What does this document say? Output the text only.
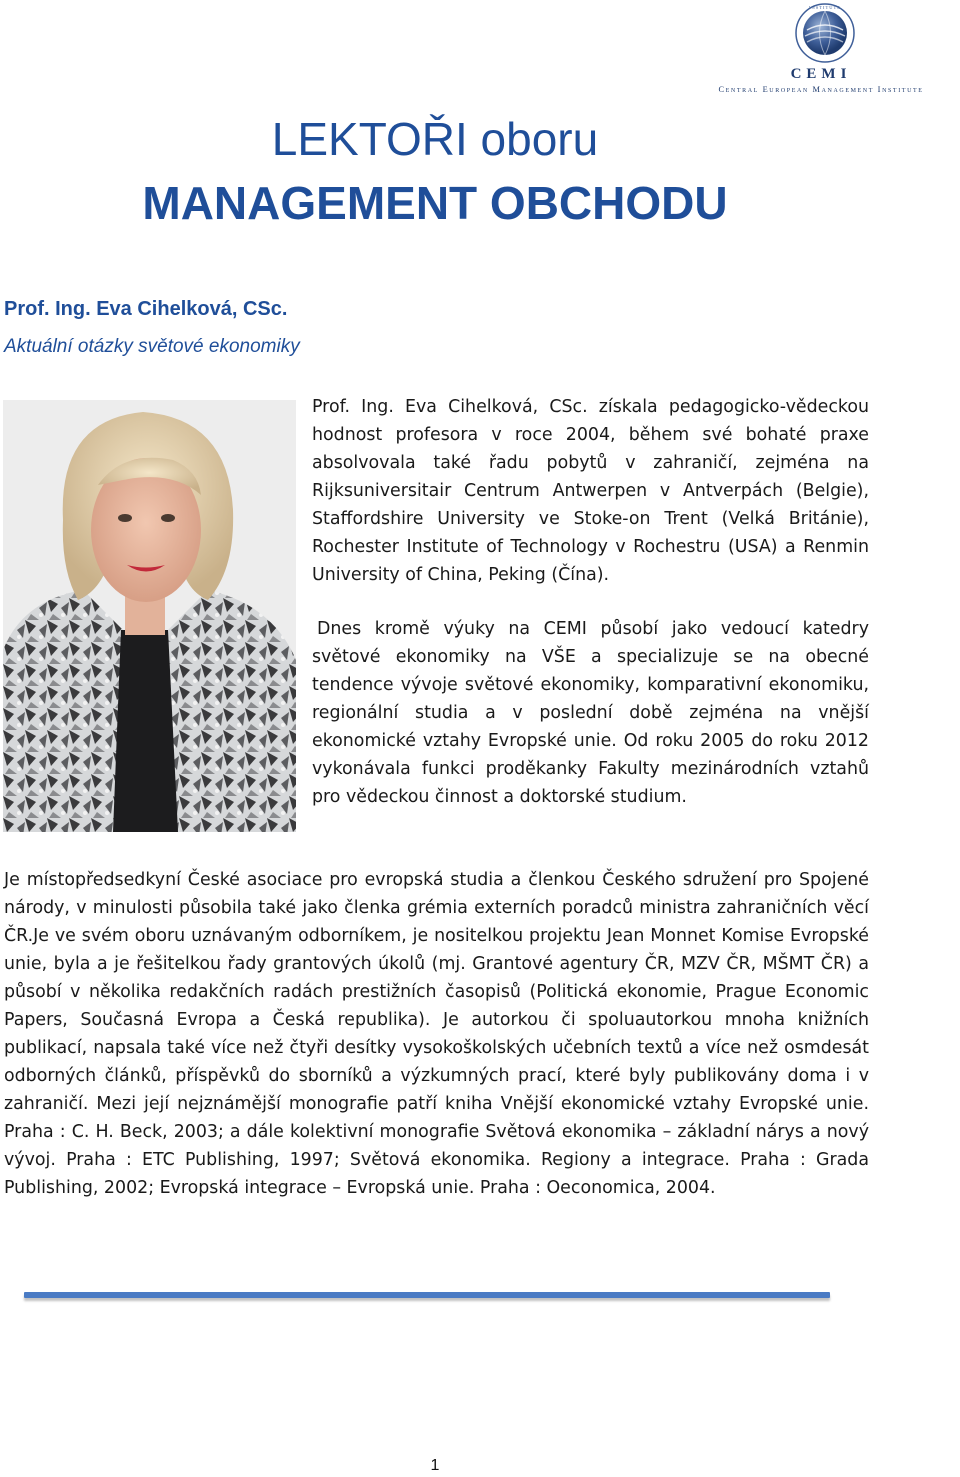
INSTITUTE
CEMI
Central European Management Institute
LEKTOŘI oboru
MANAGEMENT OBCHODU
Prof. Ing. Eva Cihelková, CSc.
Aktuální otázky světové ekonomiky

Prof. Ing. Eva Cihelková, CSc. získala pedagogicko-vědeckou hodnost profesora v roce 2004, během své bohaté praxe absolvovala také řadu pobytů v zahraničí, zejména na Rijksuniversitair Centrum Antwerpen v Antverpách (Belgie), Staffordshire University ve Stoke-on Trent (Velká Británie), Rochester Institute of Technology v Rochestru (USA) a Renmin University of China, Peking (Čína).

Dnes kromě výuky na CEMI působí jako vedoucí katedry světové ekonomiky na VŠE a specializuje se na obecné tendence vývoje světové ekonomiky, komparativní ekonomiku, regionální studia a v poslední době zejména na vnější ekonomické vztahy Evropské unie. Od roku 2005 do roku 2012 vykonávala funkci proděkanky Fakulty mezinárodních vztahů pro vědeckou činnost a doktorské studium.

Je místopředsedkyní České asociace pro evropská studia a členkou Českého sdružení pro Spojené národy, v minulosti působila také jako členka grémia externích poradců ministra zahraničních věcí ČR.Je ve svém oboru uznávaným odborníkem, je nositelkou projektu Jean Monnet Komise Evropské unie, byla a je řešitelkou řady grantových úkolů (mj. Grantové agentury ČR, MZV ČR, MŠMT ČR) a působí v několika redakčních radách prestižních časopisů (Politická ekonomie, Prague Economic Papers, Současná Evropa a Česká republika). Je autorkou či spoluautorkou mnoha knižních publikací, napsala také více než čtyři desítky vysokoškolských učebních textů a více než osmdesát odborných článků, příspěvků do sborníků a výzkumných prací, které byly publikovány doma i v zahraničí. Mezi její nejznámější monografie patří kniha Vnější ekonomické vztahy Evropské unie. Praha : C. H. Beck, 2003; a dále kolektivní monografie Světová ekonomika – základní nárys a nový vývoj. Praha : ETC Publishing, 1997; Světová ekonomika. Regiony a integrace. Praha : Grada Publishing, 2002; Evropská integrace – Evropská unie. Praha : Oeconomica, 2004.

1
